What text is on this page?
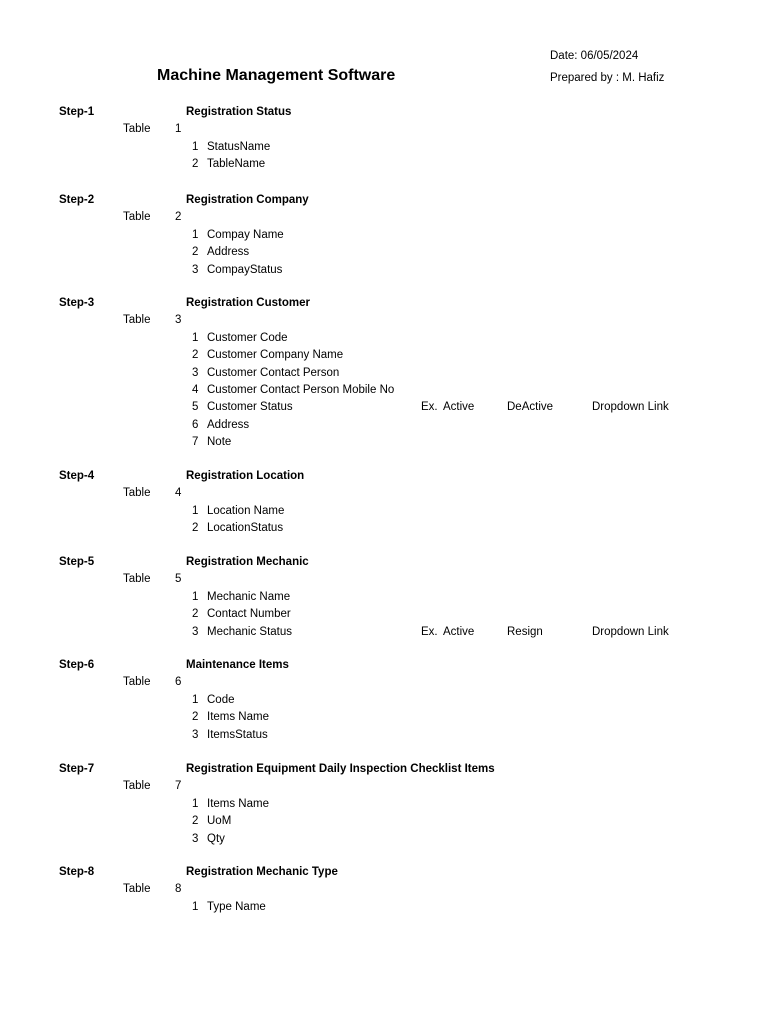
Date: 06/05/2024
Machine Management Software	Prepared by : M. Hafiz
Step-1	Registration Status
Table 1
1 StatusName
2 TableName
Step-2	Registration Company
Table 2
1 Compay Name
2 Address
3 CompayStatus
Step-3	Registration Customer
Table 3
1 Customer Code
2 Customer Company Name
3 Customer Contact Person
4 Customer Contact Person Mobile No
5 Customer Status	Ex. Active	DeActive	Dropdown Link
6 Address
7 Note
Step-4	Registration Location
Table 4
1 Location Name
2 LocationStatus
Step-5	Registration Mechanic
Table 5
1 Mechanic Name
2 Contact Number
3 Mechanic Status	Ex. Active	Resign	Dropdown Link
Step-6	Maintenance Items
Table 6
1 Code
2 Items Name
3 ItemsStatus
Step-7	Registration Equipment Daily Inspection Checklist Items
Table 7
1 Items Name
2 UoM
3 Qty
Step-8	Registration Mechanic Type
Table 8
1 Type Name
